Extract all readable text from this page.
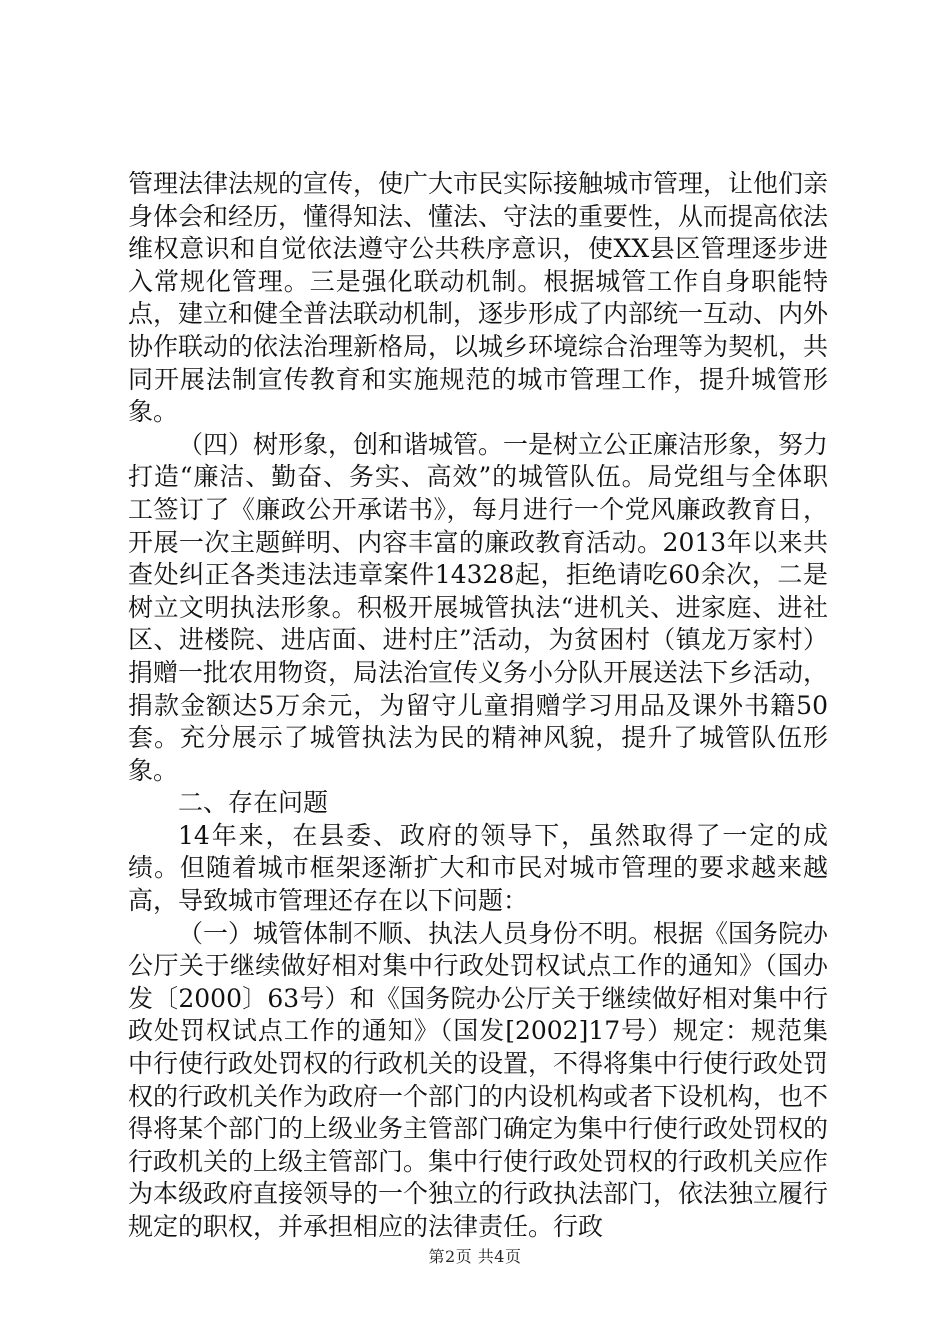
管理法律法规的宣传，使广大市民实际接触城市管理，让他们亲身体会和经历，懂得知法、懂法、守法的重要性，从而提高依法维权意识和自觉依法遵守公共秩序意识，使XX县区管理逐步进入常规化管理。三是强化联动机制。根据城管工作自身职能特点，建立和健全普法联动机制，逐步形成了内部统一互动、内外协作联动的依法治理新格局，以城乡环境综合治理等为契机，共同开展法制宣传教育和实施规范的城市管理工作，提升城管形象。

（四）树形象，创和谐城管。一是树立公正廉洁形象，努力打造“廉洁、勤奋、务实、高效”的城管队伍。局党组与全体职工签订了《廉政公开承诺书》，每月进行一个党风廉政教育日，开展一次主题鲜明、内容丰富的廉政教育活动。2013年以来共查处纠正各类违法违章案件14328起，拒绝请吃60余次，二是树立文明执法形象。积极开展城管执法“进机关、进家庭、进社区、进楼院、进店面、进村庄”活动，为贫困村（镇龙万家村）捐赠一批农用物资，局法治宣传义务小分队开展送法下乡活动，捐款金额达5万余元，为留守儿童捐赠学习用品及课外书籍50套。充分展示了城管执法为民的精神风貌，提升了城管队伍形象。

二、存在问题

14年来，在县委、政府的领导下，虽然取得了一定的成绩。但随着城市框架逐渐扩大和市民对城市管理的要求越来越高，导致城市管理还存在以下问题：

（一）城管体制不顺、执法人员身份不明。根据《国务院办公厅关于继续做好相对集中行政处罚权试点工作的通知》（国办发〔2000〕63号）和《国务院办公厅关于继续做好相对集中行政处罚权试点工作的通知》（国发[2002]17号）规定：规范集中行使行政处罚权的行政机关的设置，不得将集中行使行政处罚权的行政机关作为政府一个部门的内设机构或者下设机构，也不得将某个部门的上级业务主管部门确定为集中行使行政处罚权的行政机关的上级主管部门。集中行使行政处罚权的行政机关应作为本级政府直接领导的一个独立的行政执法部门，依法独立履行规定的职权，并承担相应的法律责任。行政

第2页 共4页
